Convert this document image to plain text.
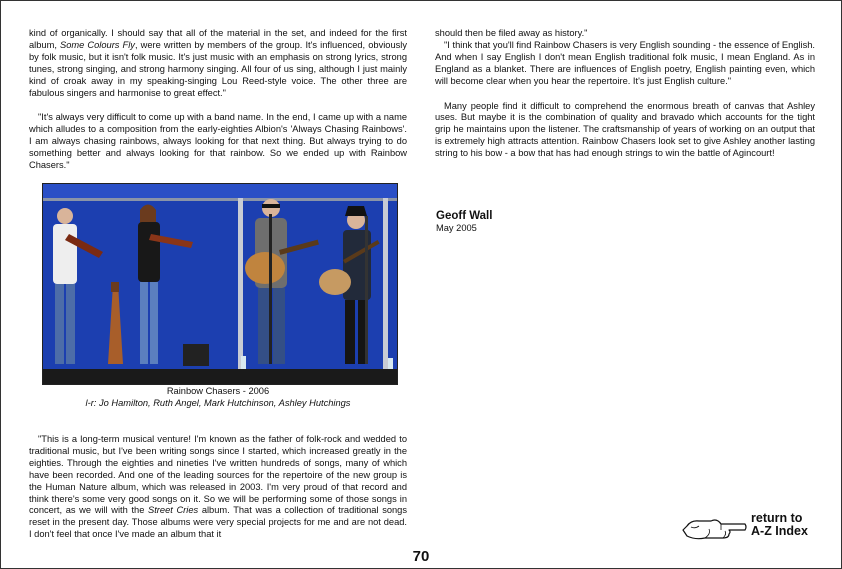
kind of organically. I should say that all of the material in the set, and indeed for the first album, Some Colours Fly, were written by members of the group. It's influenced, obviously by folk music, but it isn't folk music. It's just music with an emphasis on strong lyrics, strong tunes, strong singing, and strong harmony singing. All four of us sing, although I just mainly kind of croak away in my speaking-singing Lou Reed-style voice. The other three are fabulous singers and harmonise to great effect."

"It's always very difficult to come up with a band name. In the end, I came up with a name which alludes to a composition from the early-eighties Albion's 'Always Chasing Rainbows'. I am always chasing rainbows, always looking for that next thing. But always trying to do something better and always looking for that rainbow. So we ended up with Rainbow Chasers."

Rainbow Chasers - 2006
l-r: Jo Hamilton, Ruth Angel, Mark Hutchinson, Ashley Hutchings

"This is a long-term musical venture! I'm known as the father of folk-rock and wedded to traditional music, but I've been writing songs since I started, which increased greatly in the eighties. Through the eighties and nineties I've written hundreds of songs, many of which have been recorded. And one of the leading sources for the repertoire of the new group is the Human Nature album, which was released in 2003. I'm very proud of that record and think there's some very good songs on it. So we will be performing some of those songs in concert, as we will with the Street Cries album. That was a collection of traditional songs reset in the present day. Those albums were very special projects for me and are not dead. I don't feel that once I've made an album that it

should then be filed away as history."

"I think that you'll find Rainbow Chasers is very English sounding - the essence of English. And when I say English I don't mean English traditional folk music, I mean England. As in England as a blanket. There are influences of English poetry, English painting even, which will become clear when you hear the repertoire. It's just English culture."

Many people find it difficult to comprehend the enormous breath of canvas that Ashley uses. But maybe it is the combination of quality and bravado which accounts for the tight grip he maintains upon the listener. The craftsmanship of years of working on an output that is extremely high attracts attention. Rainbow Chasers look set to give Ashley another lasting string to his bow - a bow that has had enough strings to win the battle of Agincourt!

Geoff Wall
May 2005
return to
A-Z Index
70
